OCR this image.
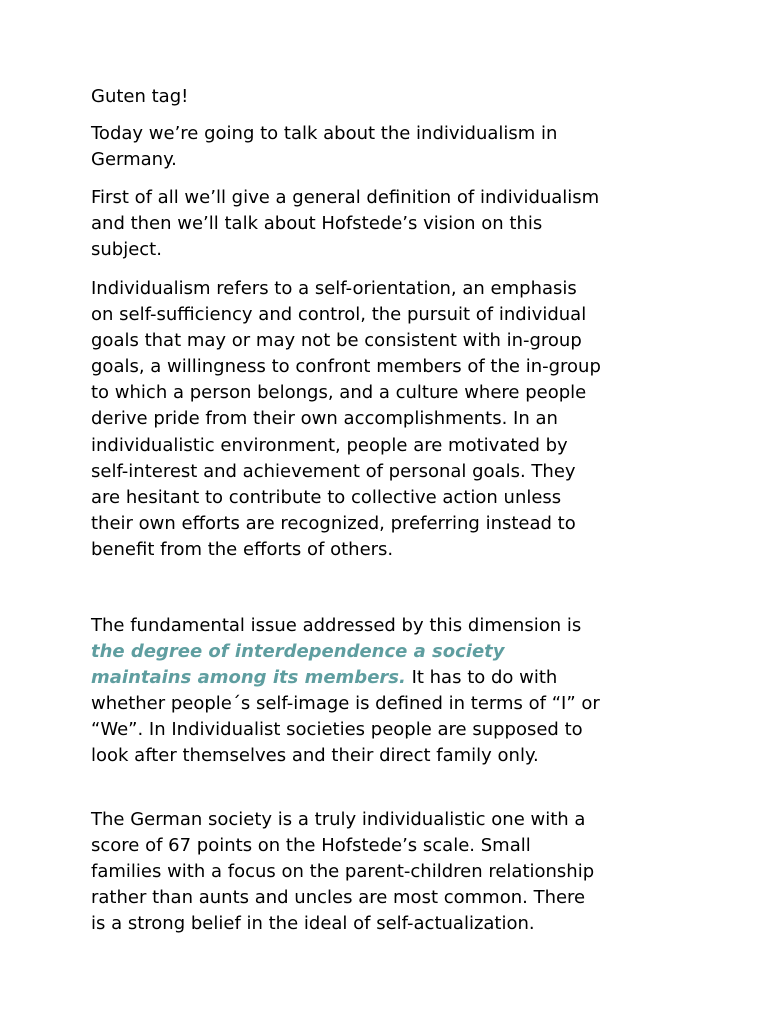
Guten tag!

Today we’re going to talk about the individualism in
Germany.

First of all we’ll give a general definition of individualism
and then we’ll talk about Hofstede’s vision on this
subject.

Individualism refers to a self-orientation, an emphasis
on self-sufficiency and control, the pursuit of individual
goals that may or may not be consistent with in-group
goals, a willingness to confront members of the in-group
to which a person belongs, and a culture where people
derive pride from their own accomplishments. In an
individualistic environment, people are motivated by
self-interest and achievement of personal goals. They
are hesitant to contribute to collective action unless
their own efforts are recognized, preferring instead to
benefit from the efforts of others.

The fundamental issue addressed by this dimension is
the degree of interdependence a society
maintains among its members. It has to do with
whether people´s self-image is defined in terms of “I” or
“We”. In Individualist societies people are supposed to
look after themselves and their direct family only.

The German society is a truly individualistic one with a
score of 67 points on the Hofstede’s scale. Small
families with a focus on the parent-children relationship
rather than aunts and uncles are most common. There
is a strong belief in the ideal of self-actualization.
